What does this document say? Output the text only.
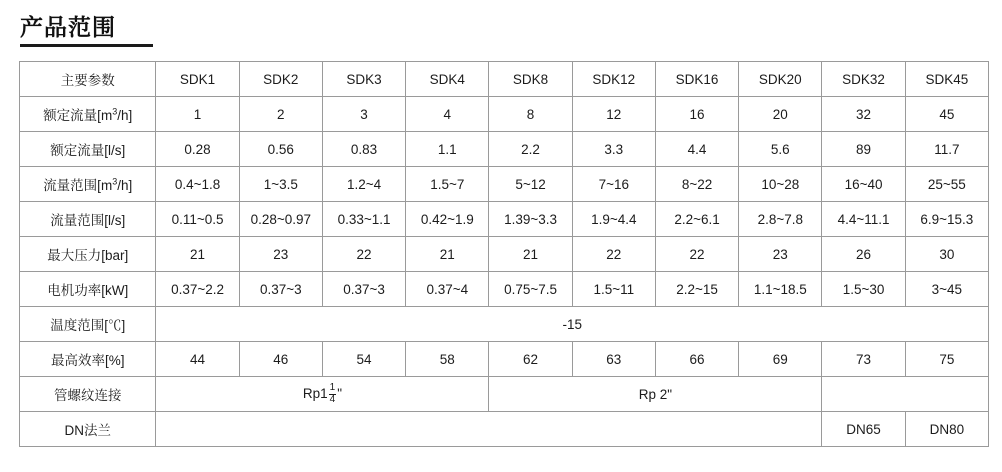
产品范围
主要参数	SDK1	SDK2	SDK3	SDK4	SDK8	SDK12	SDK16	SDK20	SDK32	SDK45
额定流量$[m^3/h]$	1	2	3	4	8	12	16	20	32	45
额定流量[l/s]	0.28	0.56	0.83	1.1	2.2	3.3	4.4	5.6	89	11.7
流量范围$[m^3/h]$	0.4~1.8	1~3.5	1.2~4	1.5~7	5~12	7~16	8~22	10~28	16~40	25~55
流量范围[l/s]	0.11~0.5	0.28~0.97	0.33~1.1	0.42~1.9	1.39~3.3	1.9~4.4	2.2~6.1	2.8~7.8	4.4~11.1	6.9~15.3
最大压力[bar]	21	23	22	21	21	22	22	23	26	30
电机功率[kW]	0.37~2.2	0.37~3	0.37~3	0.37~4	0.75~7.5	1.5~11	2.2~15	1.1~18.5	1.5~30	3~45
温度范围[℃]	-15									
最高效率[%]	44	46	54	58	62	63	66	69	73	75
管螺纹连接	$Rp1 \frac{1}{4}$ "				Rp 2"					
DN法兰									DN65	DN80
